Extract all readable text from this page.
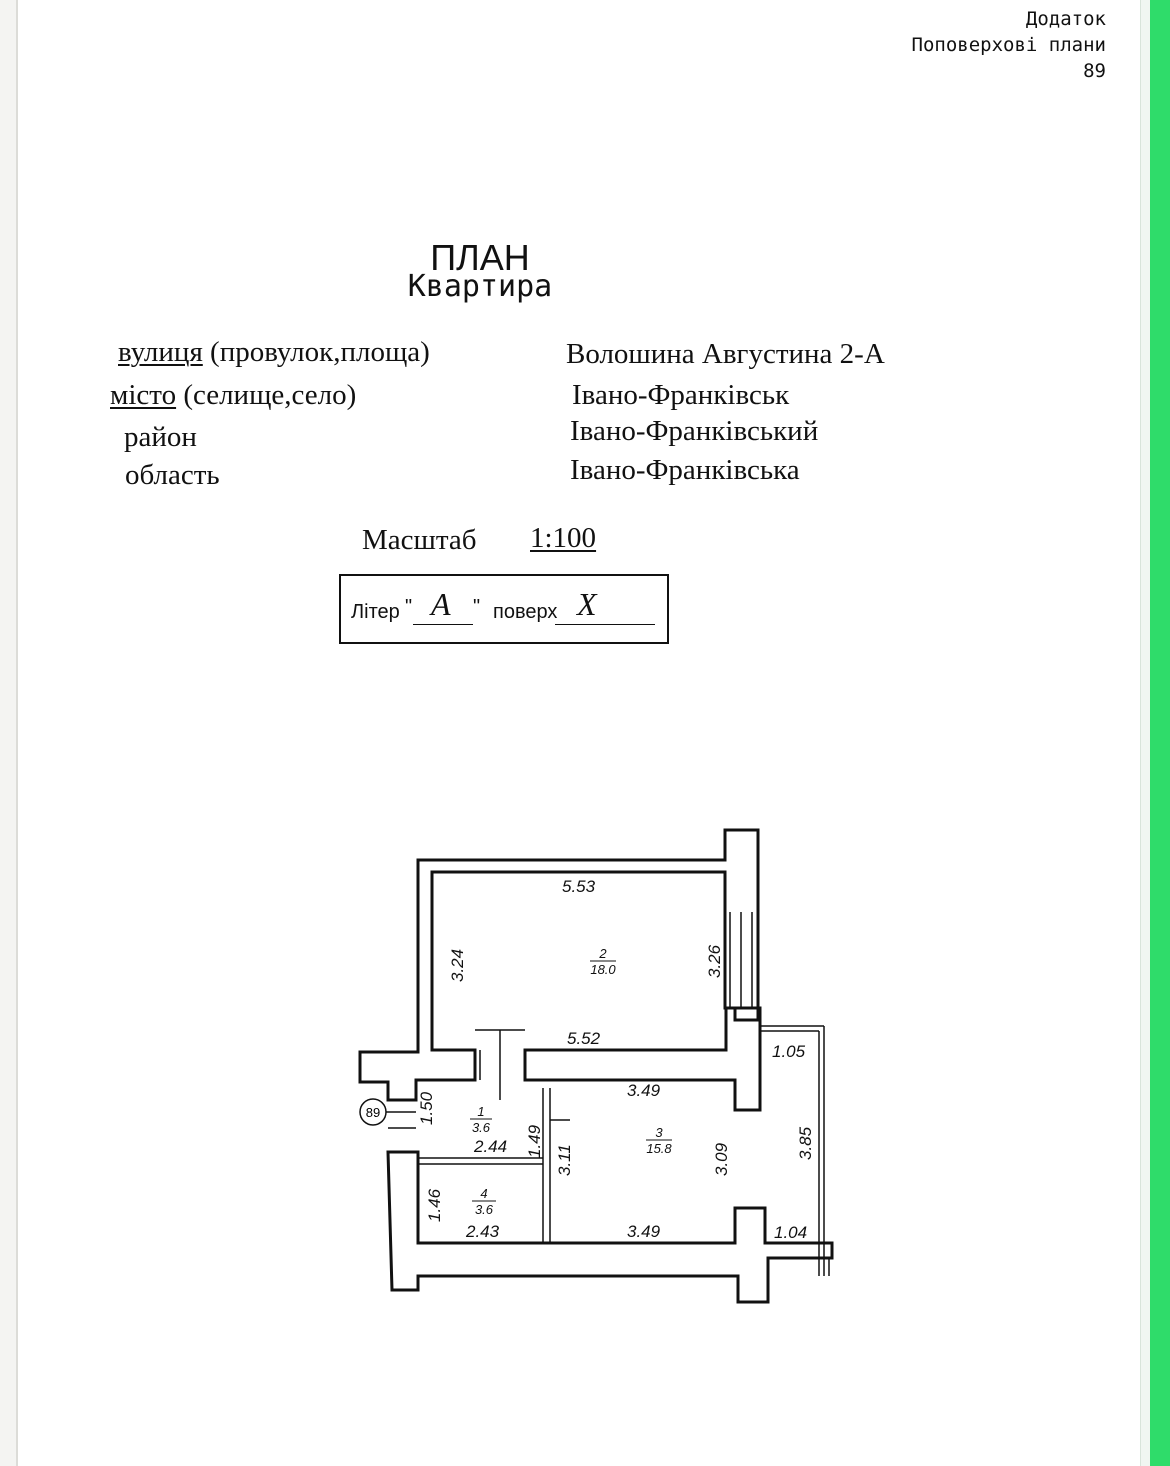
Додаток
Поповерхові плани
89
ПЛАН
Квартира
вулиця (провулок,площа)	Волошина Августина 2-А
місто (селище,село)	Івано-Франківськ
район	Івано-Франківський
область	Івано-Франківська
Масштаб 1:100
Літер " А " поверх Х
89
5.53
3.24	3.26
5.52
1.05
3.85
3.49
3.09
3.11
1.50
2.44 1.49
1.46
2.43	3.49	1.04
1
3.6
2
18.0
3
15.8
4
3.6
